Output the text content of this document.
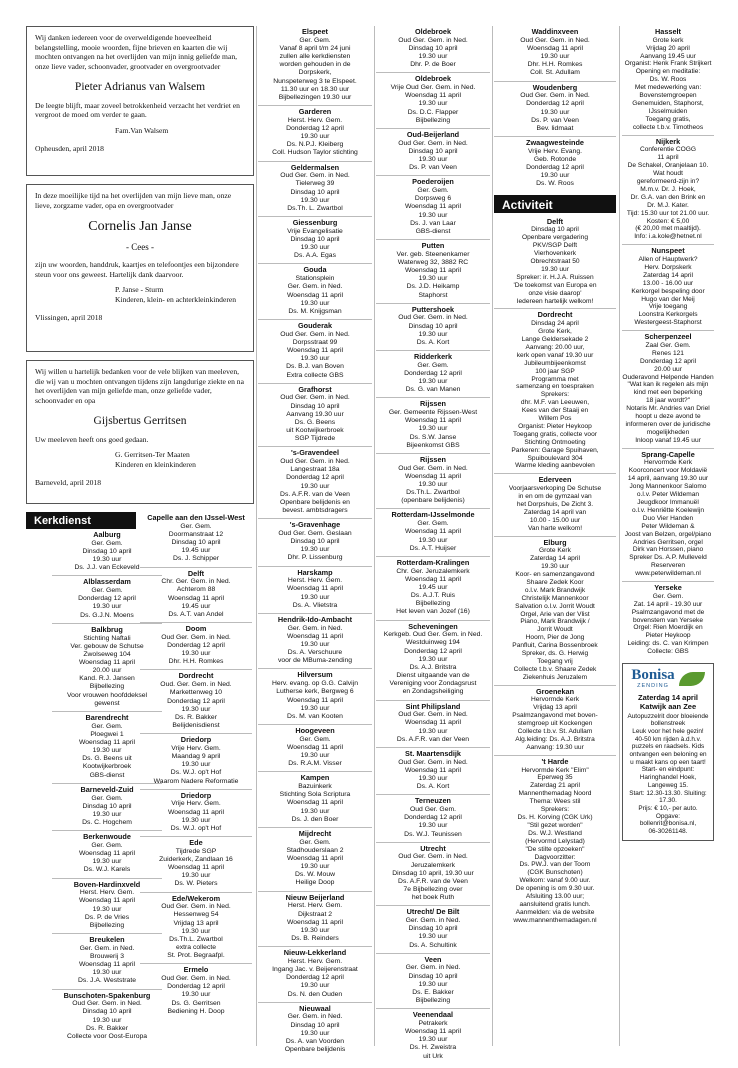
Wij danken iedereen voor de overweldigende hoeveelheid belangstelling, mooie woorden, fijne brieven en kaarten die wij mochten ontvangen na het overlijden van mijn innig geliefde man, onze lieve vader, schoonvader, grootvader en overgrootvader

Pieter Adrianus van Walsem

De leegte blijft, maar zoveel betrokkenheid verzacht het verdriet en vergroot de moed om verder te gaan.

Fam.Van Walsem

Opheusden, april 2018

In deze moeilijke tijd na het overlijden van mijn lieve man, onze lieve, zorgzame vader, opa en overgrootvader

Cornelis Jan Janse

- Cees -

zijn uw woorden, handdruk, kaartjes en telefoontjes een bijzondere steun voor ons geweest. Hartelijk dank daarvoor.

P. Janse - Sturm
Kinderen, klein- en achterkleinkinderen

Vlissingen, april 2018

Wij willen u hartelijk bedanken voor de vele blijken van meeleven, die wij van u mochten ontvangen tijdens zijn langdurige ziekte en na het overlijden van mijn geliefde man, onze geliefde vader, schoonvader en opa

Gijsbertus Gerritsen

Uw meeleven heeft ons goed gedaan.

G. Gerritsen-Ter Maaten
Kinderen en kleinkinderen

Barneveld, april 2018

Kerkdienst
Aalburg
Ger. Gem.
Dinsdag 10 april
19.30 uur
Ds. J.J. van Eckeveld
Alblasserdam
Ger. Gem.
Donderdag 12 april
19.30 uur
Ds. G.J.N. Moens
Balkbrug
Stichting Naftali
Ver. gebouw de Schutse
Zwolseweg 104
Woensdag 11 april
20.00 uur
Kand. R.J. Jansen
Bijbellezing
Voor vrouwen hoofddeksel
gewenst
Barendrecht
Ger. Gem.
Ploegwei 1
Woensdag 11 april
19.30 uur
Ds. G. Beens uit
Kootwijkerbroek
GBS-dienst
Barneveld-Zuid
Ger. Gem.
Dinsdag 10 april
19.30 uur
Ds. C. Hogchem
Berkenwoude
Ger. Gem.
Woensdag 11 april
19.30 uur
Ds. W.J. Karels
Boven-Hardinxveld
Herst. Herv. Gem.
Woensdag 11 april
19.30 uur
Ds. P. de Vries
Bijbellezing
Breukelen
Ger. Gem. in Ned.
Brouwerij 3
Woensdag 11 april
19.30 uur
Ds. J.A. Weststrate
Bunschoten-Spakenburg
Oud Ger. Gem. in Ned.
Dinsdag 10 april
19.30 uur
Ds. R. Bakker
Collecte voor Oost-Europa
Capelle aan den IJssel-West
Ger. Gem.
Doormanstraat 12
Dinsdag 10 april
19.45 uur
Ds. J. Schipper
Delft
Chr. Ger. Gem. in Ned.
Achterom 88
Woensdag 11 april
19.45 uur
Ds. A.T. van Andel
Doom
Oud Ger. Gem. in Ned.
Donderdag 12 april
19.30 uur
Dhr. H.H. Romkes
Dordrecht
Oud. Ger. Gem. in Ned.
Markettenweg 10
Donderdag 12 april
19.30 uur
Ds. R. Bakker
Belijdenisdienst
Driedorp
Vrije Herv. Gem.
Maandag 9 april
19.30 uur
Ds. W.J. op't Hof
Waarom Nadere Reformatie
Driedorp
Vrije Herv. Gem.
Woensdag 11 april
19.30 uur
Ds. W.J. op't Hof
Ede
Tijdrede SGP
Zuiderkerk, Zandlaan 16
Woensdag 11 april
19.30 uur
Ds. W. Pieters
Ede/Wekerom
Oud Ger. Gem. in Ned.
Hessenweg 54
Vrijdag 13 april
19.30 uur
Ds.Th.L. Zwartbol
extra collecte
St. Prot. Begraafpl.
Ermelo
Oud Ger. Gem. in Ned.
Donderdag 12 april
19.30 uur
Ds. G. Gerritsen
Bediening H. Doop
Elspeet
Ger. Gem.
Vanaf 8 april t/m 24 juni
zullen alle kerkdiensten
worden gehouden in de
Dorpskerk,
Nunspeterweg 3 te Elspeet.
11.30 uur en 18.30 uur
Bijbellezingen 19.30 uur
Garderen
Herst. Herv. Gem.
Donderdag 12 april
19.30 uur
Ds. N.P.J. Kleiberg
Coll. Hudson Taylor stichting
Geldermalsen
Oud Ger. Gem. in Ned.
Tielerweg 39
Dinsdag 10 april
19.30 uur
Ds.Th. L. Zwartbol
Giessenburg
Vrije Evangelisatie
Dinsdag 10 april
19.30 uur
Ds. A.A. Egas
Gouda
Stationsplein
Ger. Gem. in Ned.
Woensdag 11 april
19.30 uur
Ds. M. Knijgsman
Gouderak
Oud Ger. Gem. in Ned.
Dorpsstraat 99
Woensdag 11 april
19.30 uur
Ds. B.J. van Boven
Extra collecte GBS
Grafhorst
Oud Ger. Gem. in Ned.
Dinsdag 10 april
Aanvang 19.30 uur
Ds. G. Beens
uit Kootwijkerbroek
SGP Tijdrede
's-Gravendeel
Oud Ger. Gem. in Ned.
Langestraat 18a
Donderdag 12 april
19.30 uur
Ds. A.F.R. van de Veen
Openbare belijdenis en
bevest. ambtsdragers
's-Gravenhage
Oud Ger. Gem. Geslaan
Dinsdag 10 april
19.30 uur
Dhr. P. Lissenburg
Harskamp
Herst. Herv. Gem.
Woensdag 11 april
19.30 uur
Ds. A. Vlietstra
Hendrik-Ido-Ambacht
Ger. Gem. in Ned.
Woensdag 11 april
19.30 uur
Ds. A. Verschuure
voor de MBuma-zending
Hilversum
Herv. evang. op G.G. Calvijn
Lutherse kerk, Bergweg 6
Woensdag 11 april
19.30 uur
Ds. M. van Kooten
Hoogeveen
Ger. Gem.
Woensdag 11 april
19.30 uur
Ds. R.A.M. Visser
Kampen
Bazuinkerk
Stichting Sola Scriptura
Woensdag 11 april
19.30 uur
Ds. J. den Boer
Mijdrecht
Ger. Gem.
Stadhouderslaan 2
Woensdag 11 april
19.30 uur
Ds. W. Mouw
Heilige Doop
Nieuw Beijerland
Herst. Herv. Gem.
Dijkstraat 2
Woensdag 11 april
19.30 uur
Ds. B. Reinders
Nieuw-Lekkerland
Herst. Herv. Gem.
Ingang Jac. v. Beijerenstraat
Donderdag 12 april
19.30 uur
Ds. N. den Ouden
Nieuwaal
Ger. Gem. in Ned.
Dinsdag 10 april
19.30 uur
Ds. A. van Voorden
Openbare belijdenis
Oldebroek
Oud Ger. Gem. in Ned.
Dinsdag 10 april
19.30 uur
Dhr. P. de Boer
Oldebroek
Vrije Oud Ger. Gem. in Ned.
Woensdag 11 april
19.30 uur
Ds. D.C. Flapper
Bijbellezing
Oud-Beijerland
Oud Ger. Gem. in Ned.
Dinsdag 10 april
19.30 uur
Ds. P. van Veen
Poederoijen
Ger. Gem.
Dorpsweg 6
Woensdag 11 april
19.30 uur
Ds. J. van Laar
GBS-dienst
Putten
Ver. geb. Steenenkamer
Waterweg 32, 3882 RC
Woensdag 11 april
19.30 uur
Ds. J.D. Heikamp
Staphorst
Puttershoek
Oud Ger. Gem. in Ned.
Dinsdag 10 april
19.30 uur
Ds. A. Kort
Ridderkerk
Ger. Gem.
Donderdag 12 april
19.30 uur
Ds. G. van Manen
Rijssen
Ger. Gemeente Rijssen-West
Woensdag 11 april
19.30 uur
Ds. S.W. Janse
Bijeenkomst GBS
Rijssen
Oud Ger. Gem. in Ned.
Woensdag 11 april
19.30 uur
Ds.Th.L. Zwartbol
(openbare belijdenis)
Rotterdam-IJsselmonde
Ger. Gem.
Woensdag 11 april
19.30 uur
Ds. A.T. Huijser
Rotterdam-Kralingen
Chr. Ger. Jeruzalemkerk
Woensdag 11 april
19.45 uur
Ds. A.J.T. Ruis
Bijbellezing
Het leven van Jozef (16)
Scheveningen
Kerkgeb. Oud Ger. Gem. in Ned.
Westduinweg 194
Donderdag 12 april
19.30 uur
Ds. A.J. Britstra
Dienst uitgaande van de
Vereniging voor Zondagsrust
en Zondagsheiliging
Sint Philipsland
Oud Ger. Gem. in Ned.
Woensdag 11 april
19.30 uur
Ds. A.F.R. van der Veen
St. Maartensdijk
Oud Ger. Gem. in Ned.
Woensdag 11 april
19.30 uur
Ds. A. Kort
Terneuzen
Oud Ger. Gem.
Donderdag 12 april
19.30 uur
Ds. W.J. Teunissen
Utrecht
Oud Ger. Gem. in Ned.
Jeruzalemkerk
Dinsdag 10 april, 19.30 uur
Ds. A.F.R. van de Veen
7e Bijbellezing over
het boek Ruth
Utrecht/ De Bilt
Ger. Gem. in Ned.
Dinsdag 10 april
19.30 uur
Ds. A. Schultink
Veen
Ger. Gem. in Ned.
Dinsdag 10 april
19.30 uur
Ds. E. Bakker
Bijbellezing
Veenendaal
Petrakerk
Woensdag 11 april
19.30 uur
Ds. H. Zweistra
uit Urk
Waddinxveen
Oud Ger. Gem. in Ned.
Woensdag 11 april
19.30 uur
Dhr. H.H. Romkes
Coll. St. Adullam
Woudenberg
Oud Ger. Gem. in Ned.
Donderdag 12 april
19.30 uur
Ds. P. van Veen
Bev. lidmaat
Zwaagwesteinde
Vrije Herv. Evang.
Geb. Rotonde
Donderdag 12 april
19.30 uur
Ds. W. Roos
Activiteit
Delft
Dinsdag 10 april
Openbare vergadering
PKV/SGP Delft
Vierhovenkerk
Obrechtstraat 50
19.30 uur
Spreker: ir. H.J.A. Ruissen
'De toekomst van Europa en
onze visie daarop'
Iedereen hartelijk welkom!
Dordrecht
Dinsdag 24 april
Grote Kerk,
Lange Geldersekade 2
Aanvang: 20.00 uur,
kerk open vanaf 19.30 uur
Jubileumbijeenkomst
100 jaar SGP
Programma met
samenzang en toespraken
Sprekers:
dhr. M.F. van Leeuwen,
Kees van der Staaij en
Willem Pos
Organist: Pieter Heykoop
Toegang gratis, collecte voor
Stichting Ontmoeting
Parkeren: Garage Spuihaven,
Spuiboulevard 304
Warme kleding aanbevolen
Ederveen
Voorjaarsverkoping De Schutse
in en om de gymzaal van
het Dorpshuis, De Zicht 3.
Zaterdag 14 april van
10.00 - 15.00 uur
Van harte welkom!
Elburg
Grote Kerk
Zaterdag 14 april
19.30 uur
Koor- en samenzangavond
Shaare Zedek Koor
o.l.v. Mark Brandwijk
Christelijk Mannenkoor
Salvation o.l.v. Jorrit Woudt
Orgel, Arie van der Vlist
Piano, Mark Brandwijk /
Jorrit Woudt
Hoorn, Pier de Jong
Panfluit, Carina Bossenbroek
Spreker, ds. G. Herwig
Toegang vrij
Collecte t.b.v. Shaare Zedek
Ziekenhuis Jeruzalem
Groenekan
Hervormde Kerk
Vrijdag 13 april
Psalmzangavond met boven-
stemgroep uit Kockengen
Collecte t.b.v. St. Adullam
Alg.leiding: Ds. A.J. Britstra
Aanvang: 19.30 uur
't Harde
Hervormde Kerk "Elim"
Eperweg 35
Zaterdag 21 april
Mannenthemadag Noord
Thema: Wees stil
Sprekers:
Ds. H. Korving (CGK Urk)
"Stil gezet worden"
Ds. W.J. Westland
(Hervormd Lelystad)
"De stilte opzoeken"
Dagvoorzitter:
Ds. PW.J. van der Toorn
(CGK Bunschoten)
Welkom: vanaf 9.00 uur.
De opening is om 9.30 uur.
Afsluiting 13.00 uur;
aansluitend gratis lunch.
Aanmelden: via de website
www.mannenthemadagen.nl
Hasselt
Grote kerk
Vrijdag 20 april
Aanvang 19.45 uur
Organist: Henk Frank Strijkert
Opening en meditatie:
Ds. W. Roos
Met medewerking van:
Bovenstemgroepen
Genemuiden, Staphorst,
IJsselmuiden
Toegang gratis,
collecte t.b.v. Timotheos
Nijkerk
Conferentie COGG
11 april
De Schakel, Oranjelaan 10.
Wat houdt
gereformeerd-zijn in?
M.m.v. Dr. J. Hoek,
Dr. G.A. van den Brink en
Dr. M.J. Kater.
Tijd: 15.30 uur tot 21.00 uur.
Kosten: € 5,00
(€ 20,00 met maaltijd).
Info: i.a.kole@hetnet.nl
Nunspeet
Allen of Hauptwerk?
Herv. Dorpskerk
Zaterdag 14 april
13.00 - 16.00 uur
Kerkorgel bespeling door
Hugo van der Meij
Vrije toegang
Loonstra Kerkorgels
Westergeest-Staphorst
Scherpenzeel
Zaal Ger. Gem.
Renes 121
Donderdag 12 april
20.00 uur
Ouderavond Helpende Handen
"Wat kan ik regelen als mijn
kind met een beperking
18 jaar wordt?"
Notaris Mr. Andries van Driel
hoopt u deze avond te
informeren over de juridische
mogelijkheden
Inloop vanaf 19.45 uur
Sprang-Capelle
Hervormde Kerk
Koorconcert voor Moldavië
14 april, aanvang 19.30 uur
Jong Mannenkoor Salomo
o.l.v. Peter Wildeman
Jeugdkoor Immanuël
o.l.v. Henriëtte Koelewijn
Duo Vier Handen
Peter Wildeman &
Joost van Belzen, orgel/piano
Andries Gerritsen, orgel
Dirk van Horssen, piano
Spreker Ds. A.P. Mulleveld
Reserveren
www.peterwildeman.nl
Yerseke
Ger. Gem.
Zat. 14 april - 19.30 uur
Psalmzangavond met de
bovenstem van Yerseke
Orgel: Rien Moerdijk en
Pieter Heykoop
Leiding: ds. C. van Krimpen
Collecte: GBS
Bonisa
ZENDING
Zaterdag 14 april
Katwijk aan Zee
Autopuzzelrit door bloeiende bollenstreek
Leuk voor het hele gezin!
40-50 km rijden à.d.h.v. puzzels en raadsels. Kids ontvangen een beloning en u maakt kans op een taart! Start- en eindpunt: Haringhandel Hoek, Langeweg 15.
Start: 12.30-13.30. Sluiting: 17.30.
Prijs: € 10,- per auto. Opgave: bollenrit@bonisa.nl,
06-30261148.
